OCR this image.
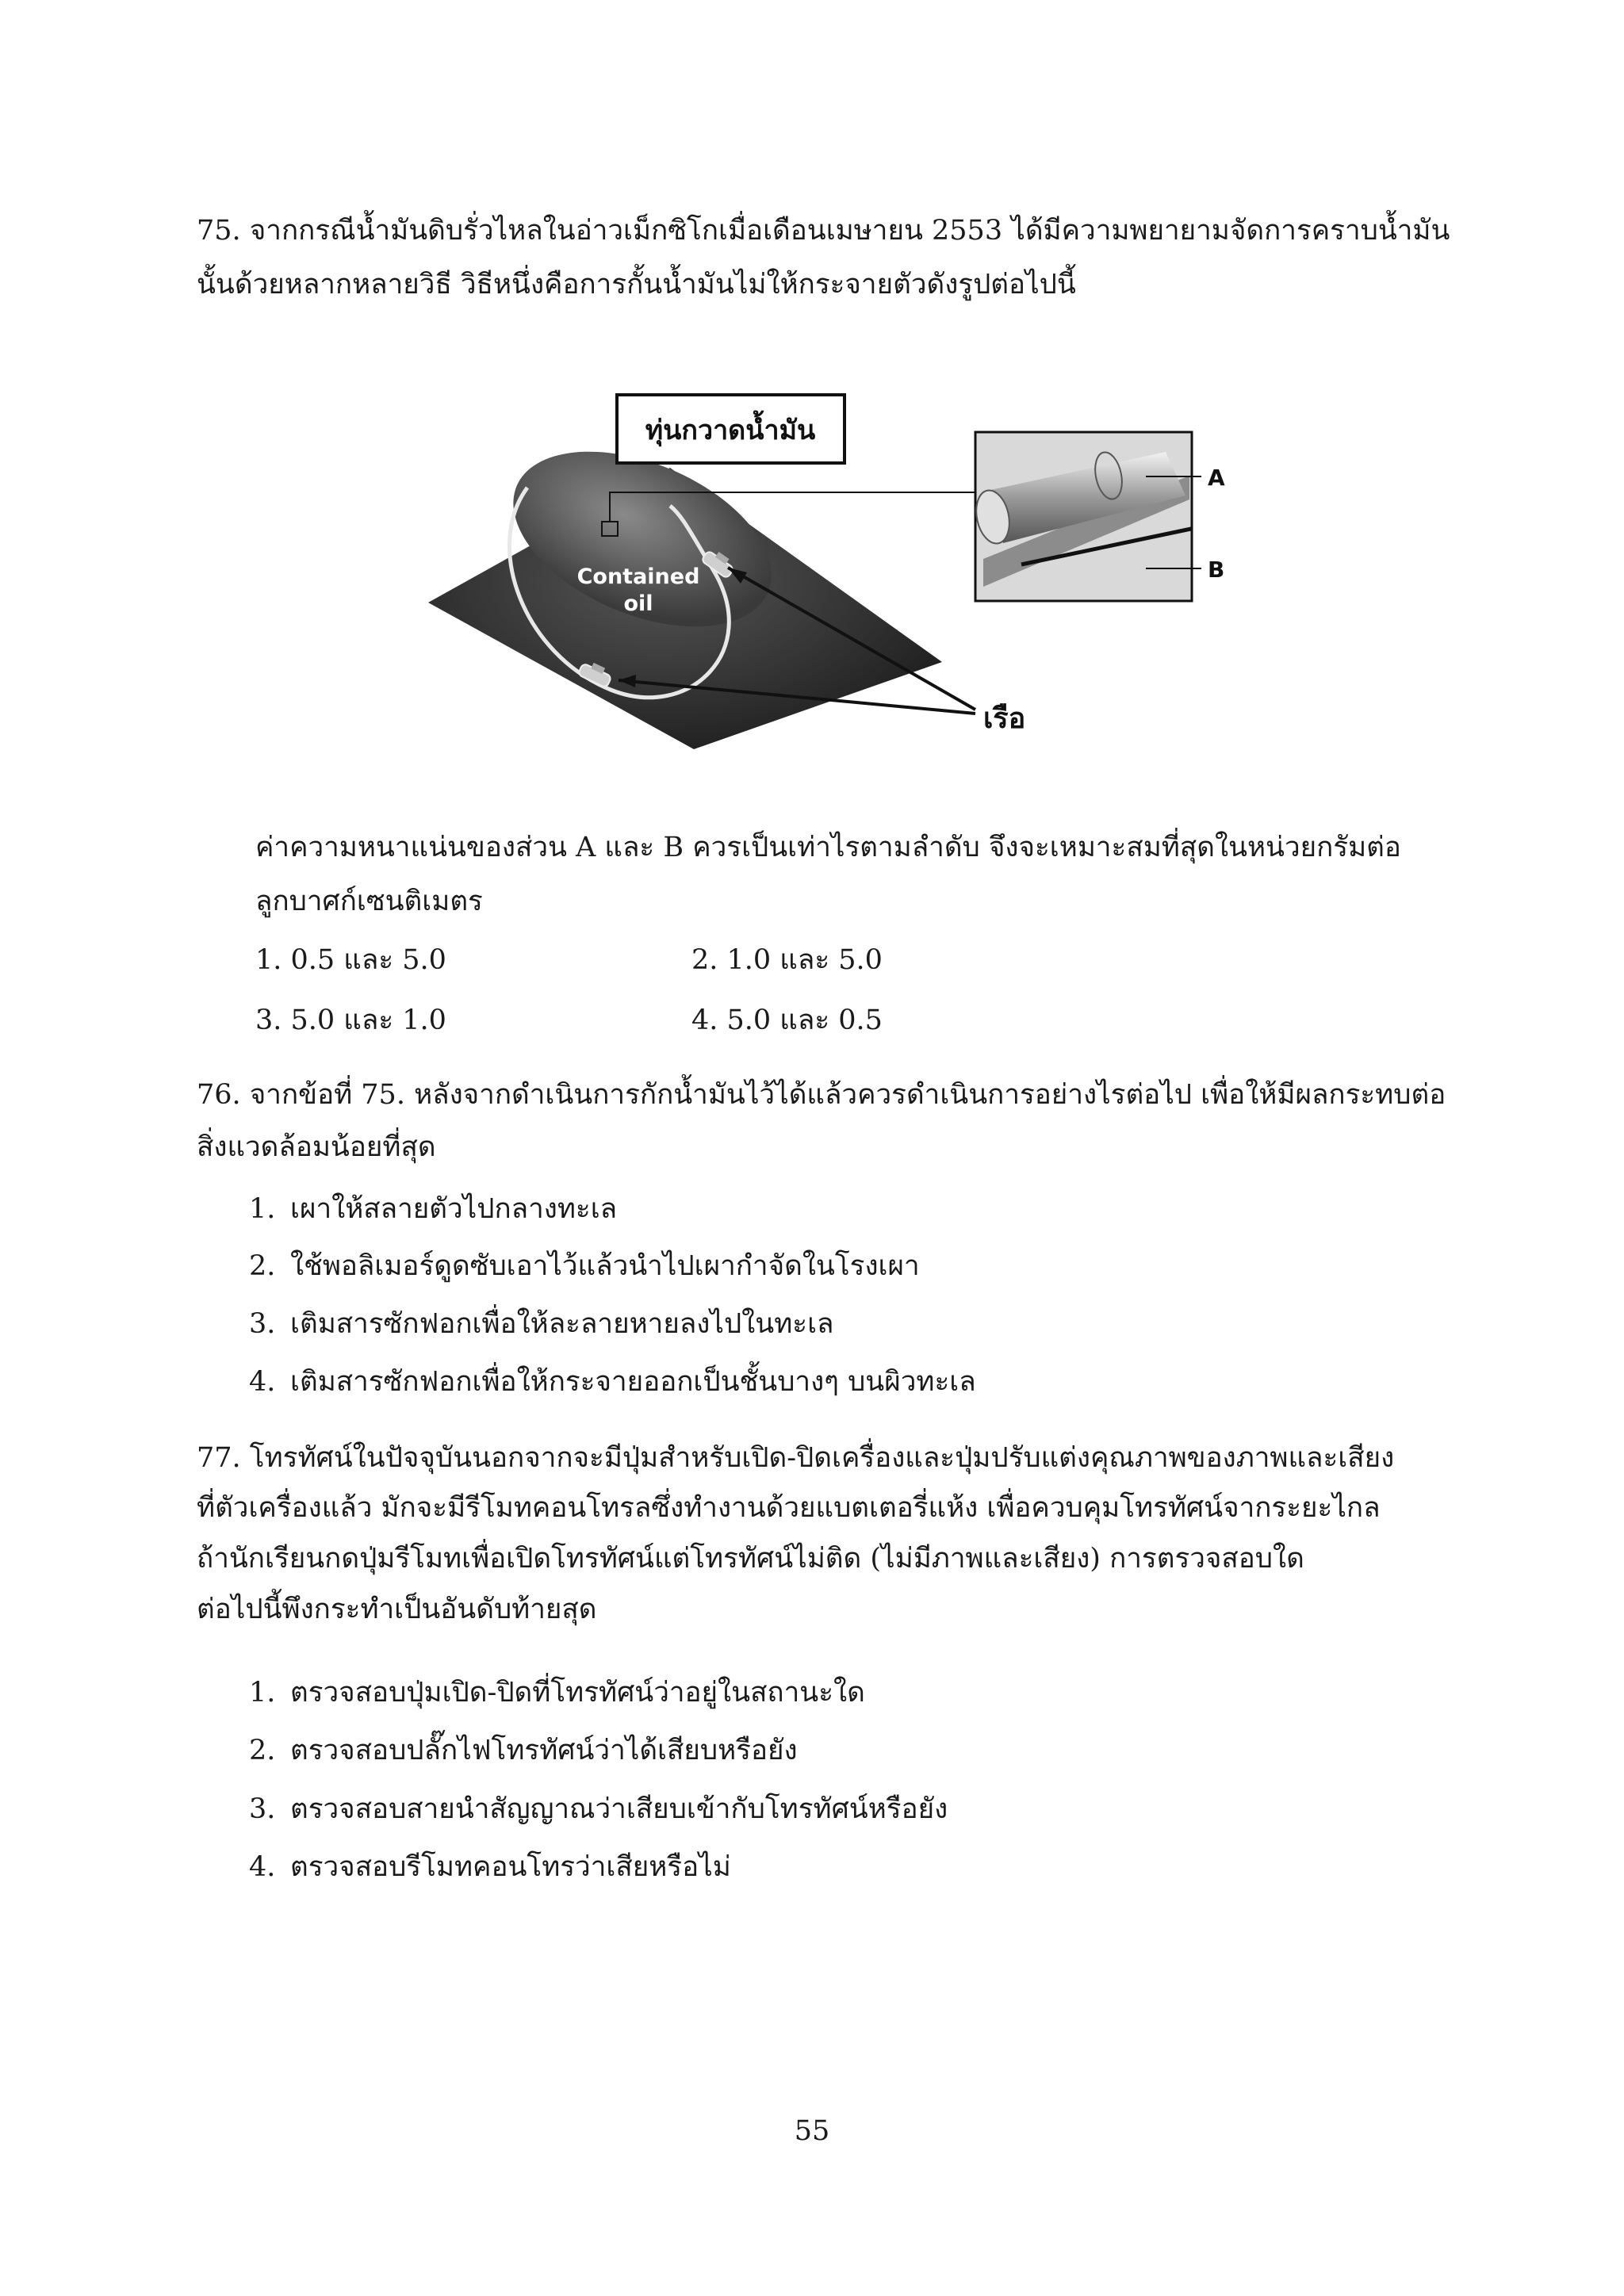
75. จากกรณีน้ำมันดิบรั่วไหลในอ่าวเม็กซิโกเมื่อเดือนเมษายน 2553 ได้มีความพยายามจัดการคราบน้ำมัน
นั้นด้วยหลากหลายวิธี วิธีหนึ่งคือการกั้นน้ำมันไม่ให้กระจายตัวดังรูปต่อไปนี้
Contained
oil
ทุ่นกวาดน้ำมัน
A
B
เรือ
ค่าความหนาแน่นของส่วน A และ B ควรเป็นเท่าไรตามลำดับ จึงจะเหมาะสมที่สุดในหน่วยกรัมต่อ
ลูกบาศก์เซนติเมตร
1. 0.5 และ 5.0	2. 1.0 และ 5.0
3. 5.0 และ 1.0	4. 5.0 และ 0.5
76. จากข้อที่ 75. หลังจากดำเนินการกักน้ำมันไว้ได้แล้วควรดำเนินการอย่างไรต่อไป เพื่อให้มีผลกระทบต่อ
สิ่งแวดล้อมน้อยที่สุด
1. เผาให้สลายตัวไปกลางทะเล
2. ใช้พอลิเมอร์ดูดซับเอาไว้แล้วนำไปเผากำจัดในโรงเผา
3. เติมสารซักฟอกเพื่อให้ละลายหายลงไปในทะเล
4. เติมสารซักฟอกเพื่อให้กระจายออกเป็นชั้นบางๆ บนผิวทะเล
77. โทรทัศน์ในปัจจุบันนอกจากจะมีปุ่มสำหรับเปิด-ปิดเครื่องและปุ่มปรับแต่งคุณภาพของภาพและเสียง
ที่ตัวเครื่องแล้ว มักจะมีรีโมทคอนโทรลซึ่งทำงานด้วยแบตเตอรี่แห้ง เพื่อควบคุมโทรทัศน์จากระยะไกล
ถ้านักเรียนกดปุ่มรีโมทเพื่อเปิดโทรทัศน์แต่โทรทัศน์ไม่ติด (ไม่มีภาพและเสียง) การตรวจสอบใด
ต่อไปนี้พึงกระทำเป็นอันดับท้ายสุด
1. ตรวจสอบปุ่มเปิด-ปิดที่โทรทัศน์ว่าอยู่ในสถานะใด
2. ตรวจสอบปลั๊กไฟโทรทัศน์ว่าได้เสียบหรือยัง
3. ตรวจสอบสายนำสัญญาณว่าเสียบเข้ากับโทรทัศน์หรือยัง
4. ตรวจสอบรีโมทคอนโทรว่าเสียหรือไม่
55
